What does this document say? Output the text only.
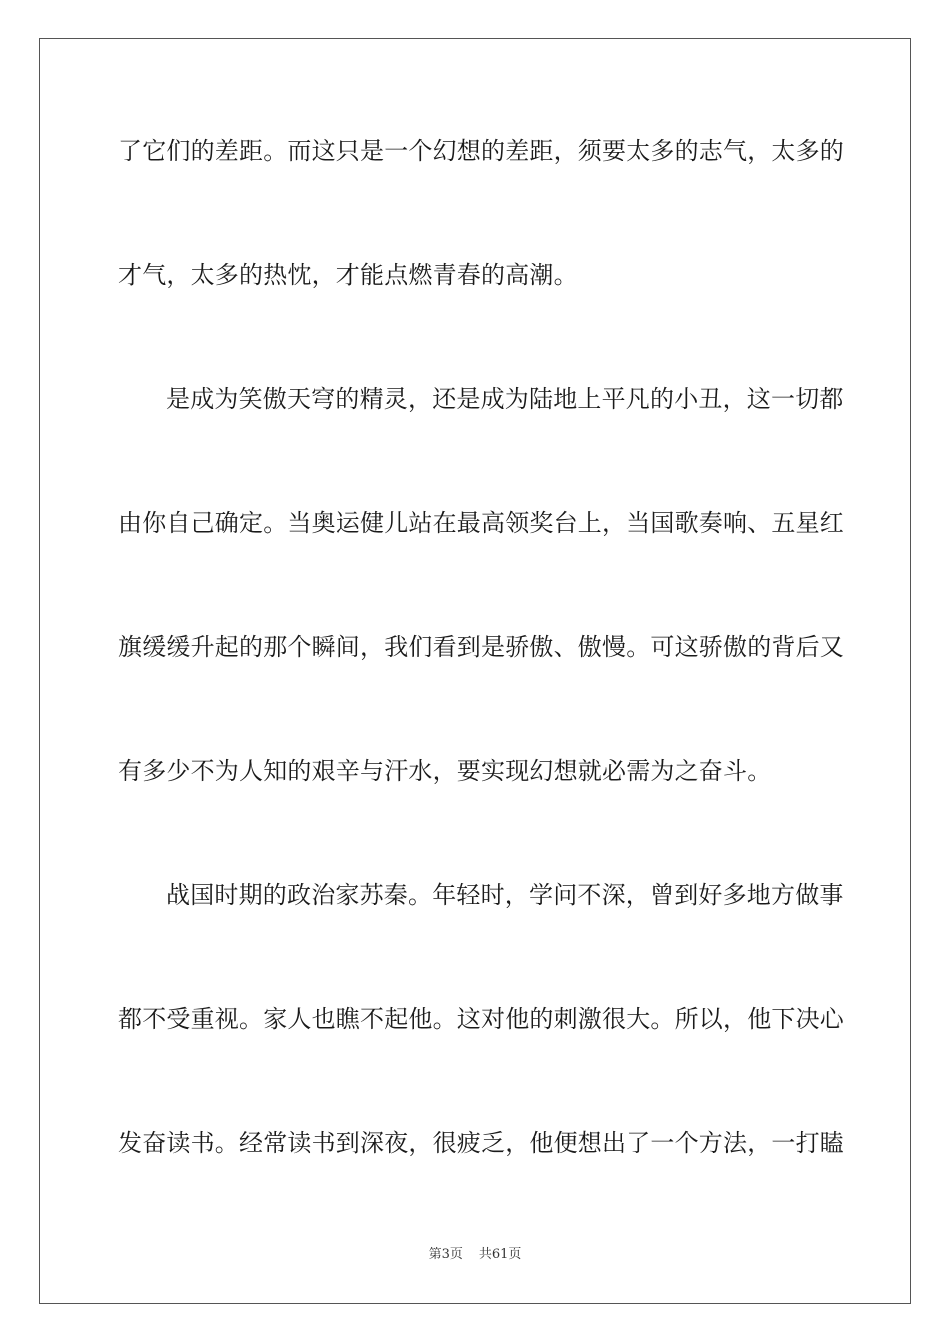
了它们的差距。而这只是一个幻想的差距，须要太多的志气，太多的
才气，太多的热忱，才能点燃青春的高潮。
是成为笑傲天穹的精灵，还是成为陆地上平凡的小丑，这一切都
由你自己确定。当奥运健儿站在最高领奖台上，当国歌奏响、五星红
旗缓缓升起的那个瞬间，我们看到是骄傲、傲慢。可这骄傲的背后又
有多少不为人知的艰辛与汗水，要实现幻想就必需为之奋斗。
战国时期的政治家苏秦。年轻时，学问不深，曾到好多地方做事
都不受重视。家人也瞧不起他。这对他的刺激很大。所以，他下决心
发奋读书。经常读书到深夜，很疲乏，他便想出了一个方法，一打瞌
第3页 共61页
